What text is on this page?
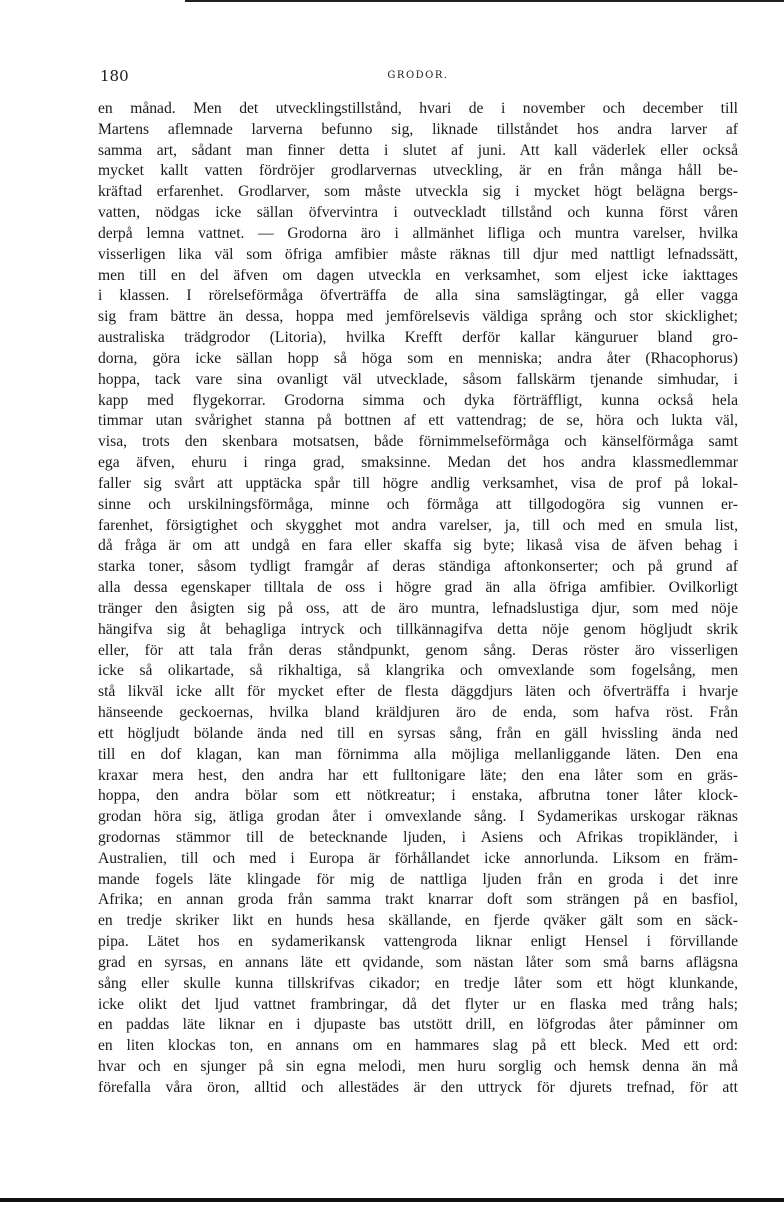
180	GRODOR.
en månad. Men det utvecklingstillstånd, hvari de i november och december till
Martens aflemnade larverna befunno sig, liknade tillståndet hos andra larver af
samma art, sådant man finner detta i slutet af juni. Att kall väderlek eller också
mycket kallt vatten fördröjer grodlarvernas utveckling, är en från många håll be-
kräftad erfarenhet. Grodlarver, som måste utveckla sig i mycket högt belägna bergs-
vatten, nödgas icke sällan öfvervintra i outveckladt tillstånd och kunna först våren
derpå lemna vattnet. — Grodorna äro i allmänhet lifliga och muntra varelser, hvilka
visserligen lika väl som öfriga amfibier måste räknas till djur med nattligt lefnadssätt,
men till en del äfven om dagen utveckla en verksamhet, som eljest icke iakttages
i klassen. I rörelseförmåga öfverträffa de alla sina samslägtingar, gå eller vagga
sig fram bättre än dessa, hoppa med jemförelsevis väldiga språng och stor skicklighet;
australiska trädgrodor (Litoria), hvilka Krefft derför kallar känguruer bland gro-
dorna, göra icke sällan hopp så höga som en menniska; andra åter (Rhacophorus)
hoppa, tack vare sina ovanligt väl utvecklade, såsom fallskärm tjenande simhudar, i
kapp med flygekorrar. Grodorna simma och dyka förträffligt, kunna också hela
timmar utan svårighet stanna på bottnen af ett vattendrag; de se, höra och lukta väl,
visa, trots den skenbara motsatsen, både förnimmelseförmåga och känselförmåga samt
ega äfven, ehuru i ringa grad, smaksinne. Medan det hos andra klassmedlemmar
faller sig svårt att upptäcka spår till högre andlig verksamhet, visa de prof på lokal-
sinne och urskilningsförmåga, minne och förmåga att tillgodogöra sig vunnen er-
farenhet, försigtighet och skygghet mot andra varelser, ja, till och med en smula list,
då fråga är om att undgå en fara eller skaffa sig byte; likaså visa de äfven behag i
starka toner, såsom tydligt framgår af deras ständiga aftonkonserter; och på grund af
alla dessa egenskaper tilltala de oss i högre grad än alla öfriga amfibier. Ovilkorligt
tränger den åsigten sig på oss, att de äro muntra, lefnadslustiga djur, som med nöje
hängifva sig åt behagliga intryck och tillkännagifva detta nöje genom högljudt skrik
eller, för att tala från deras ståndpunkt, genom sång. Deras röster äro visserligen
icke så olikartade, så rikhaltiga, så klangrika och omvexlande som fogelsång, men
stå likväl icke allt för mycket efter de flesta däggdjurs läten och öfverträffa i hvarje
hänseende geckoernas, hvilka bland kräldjuren äro de enda, som hafva röst. Från
ett högljudt bölande ända ned till en syrsas sång, från en gäll hvissling ända ned
till en dof klagan, kan man förnimma alla möjliga mellanliggande läten. Den ena
kraxar mera hest, den andra har ett fulltonigare läte; den ena låter som en gräs-
hoppa, den andra bölar som ett nötkreatur; i enstaka, afbrutna toner låter klock-
grodan höra sig, ätliga grodan åter i omvexlande sång. I Sydamerikas urskogar räknas
grodornas stämmor till de betecknande ljuden, i Asiens och Afrikas tropikländer, i
Australien, till och med i Europa är förhållandet icke annorlunda. Liksom en främ-
mande fogels läte klingade för mig de nattliga ljuden från en groda i det inre
Afrika; en annan groda från samma trakt knarrar doft som strängen på en basfiol,
en tredje skriker likt en hunds hesa skällande, en fjerde qväker gält som en säck-
pipa. Lätet hos en sydamerikansk vattengroda liknar enligt Hensel i förvillande
grad en syrsas, en annans läte ett qvidande, som nästan låter som små barns aflägsna
sång eller skulle kunna tillskrifvas cikador; en tredje låter som ett högt klunkande,
icke olikt det ljud vattnet frambringar, då det flyter ur en flaska med trång hals;
en paddas läte liknar en i djupaste bas utstött drill, en löfgrodas åter påminner om
en liten klockas ton, en annans om en hammares slag på ett bleck. Med ett ord:
hvar och en sjunger på sin egna melodi, men huru sorglig och hemsk denna än må
förefalla våra öron, alltid och allestädes är den uttryck för djurets trefnad, för att
